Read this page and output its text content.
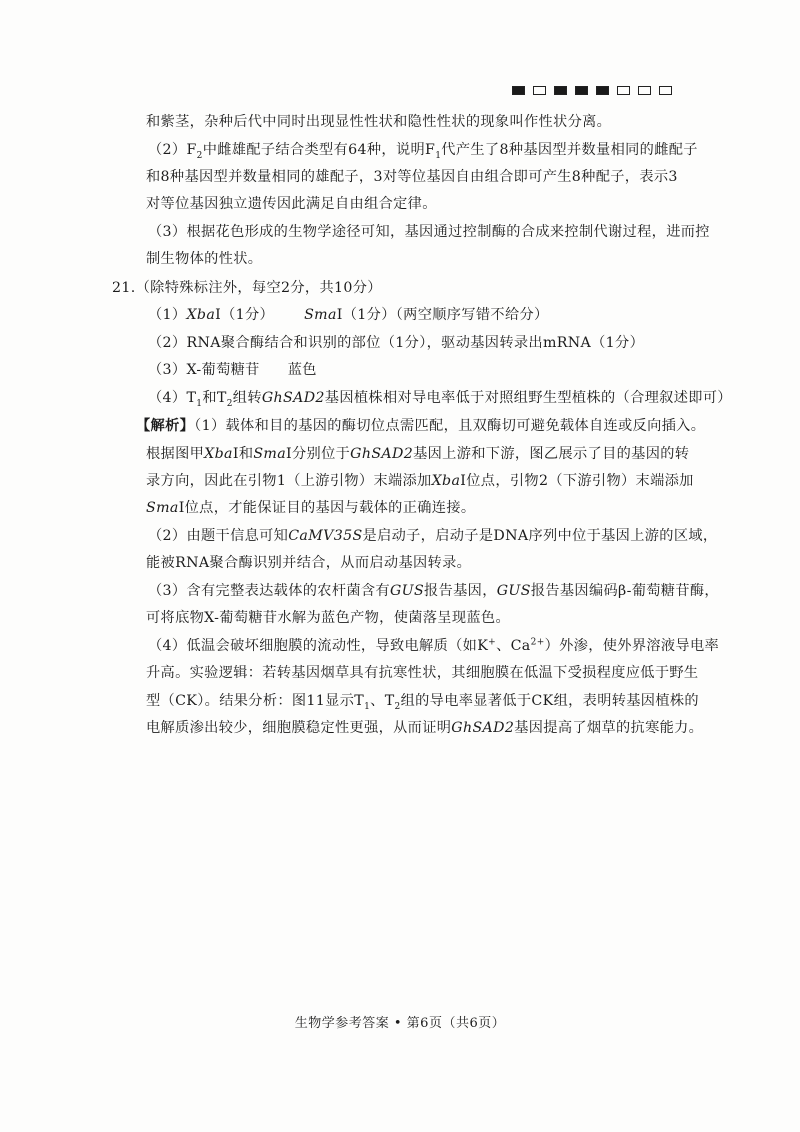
和紫茎，杂种后代中同时出现显性性状和隐性性状的现象叫作性状分离。
$(2)F_2$中雌雄配子结合类型有64种，说明$F_1$代产生了8种基因型并数量相同的雌配子
和8种基因型并数量相同的雄配子，3对等位基因自由组合即可产生8种配子，表示3
对等位基因独立遗传因此满足自由组合定律。
（3）根据花色形成的生物学途径可知，基因通过控制酶的合成来控制代谢过程，进而控
制生物体的性状。
21.（除特殊标注外，每空2分，共10分）
（1）XbaⅠ（1分） SmaⅠ（1分）（两空顺序写错不给分）
（2）RNA聚合酶结合和识别的部位（1分），驱动基因转录出mRNA（1分）
（3）X-葡萄糖苷 蓝色
$(4)T_1$和$T_2$组转GhSAD2基因植株相对导电率低于对照组野生型植株的（合理叙述即可）
【解析】（1）载体和目的基因的酶切位点需匹配，且双酶切可避免载体自连或反向插入。
根据图甲XbaⅠ和SmaⅠ分别位于GhSAD2基因上游和下游，图乙展示了目的基因的转
录方向，因此在引物1（上游引物）末端添加XbaⅠ位点，引物2（下游引物）末端添加
SmaⅠ位点，才能保证目的基因与载体的正确连接。
（2）由题干信息可知CaMV35S是启动子，启动子是DNA序列中位于基因上游的区域，
能被RNA聚合酶识别并结合，从而启动基因转录。
（3）含有完整表达载体的农杆菌含有GUS报告基因，GUS报告基因编码β-葡萄糖苷酶，
可将底物X-葡萄糖苷水解为蓝色产物，使菌落呈现蓝色。
（4）低温会破坏细胞膜的流动性，导致电解质（如K+、$Ca^{2+}$）外渗，使外界溶液导电率
升高。实验逻辑：若转基因烟草具有抗寒性状，其细胞膜在低温下受损程度应低于野生
型（CK）。结果分析：图11显示$T_1$、$T_2$组的导电率显著低于CK组，表明转基因植株的
电解质渗出较少，细胞膜稳定性更强，从而证明GhSAD2基因提高了烟草的抗寒能力。
生物学参考答案 • 第6页（共6页）
